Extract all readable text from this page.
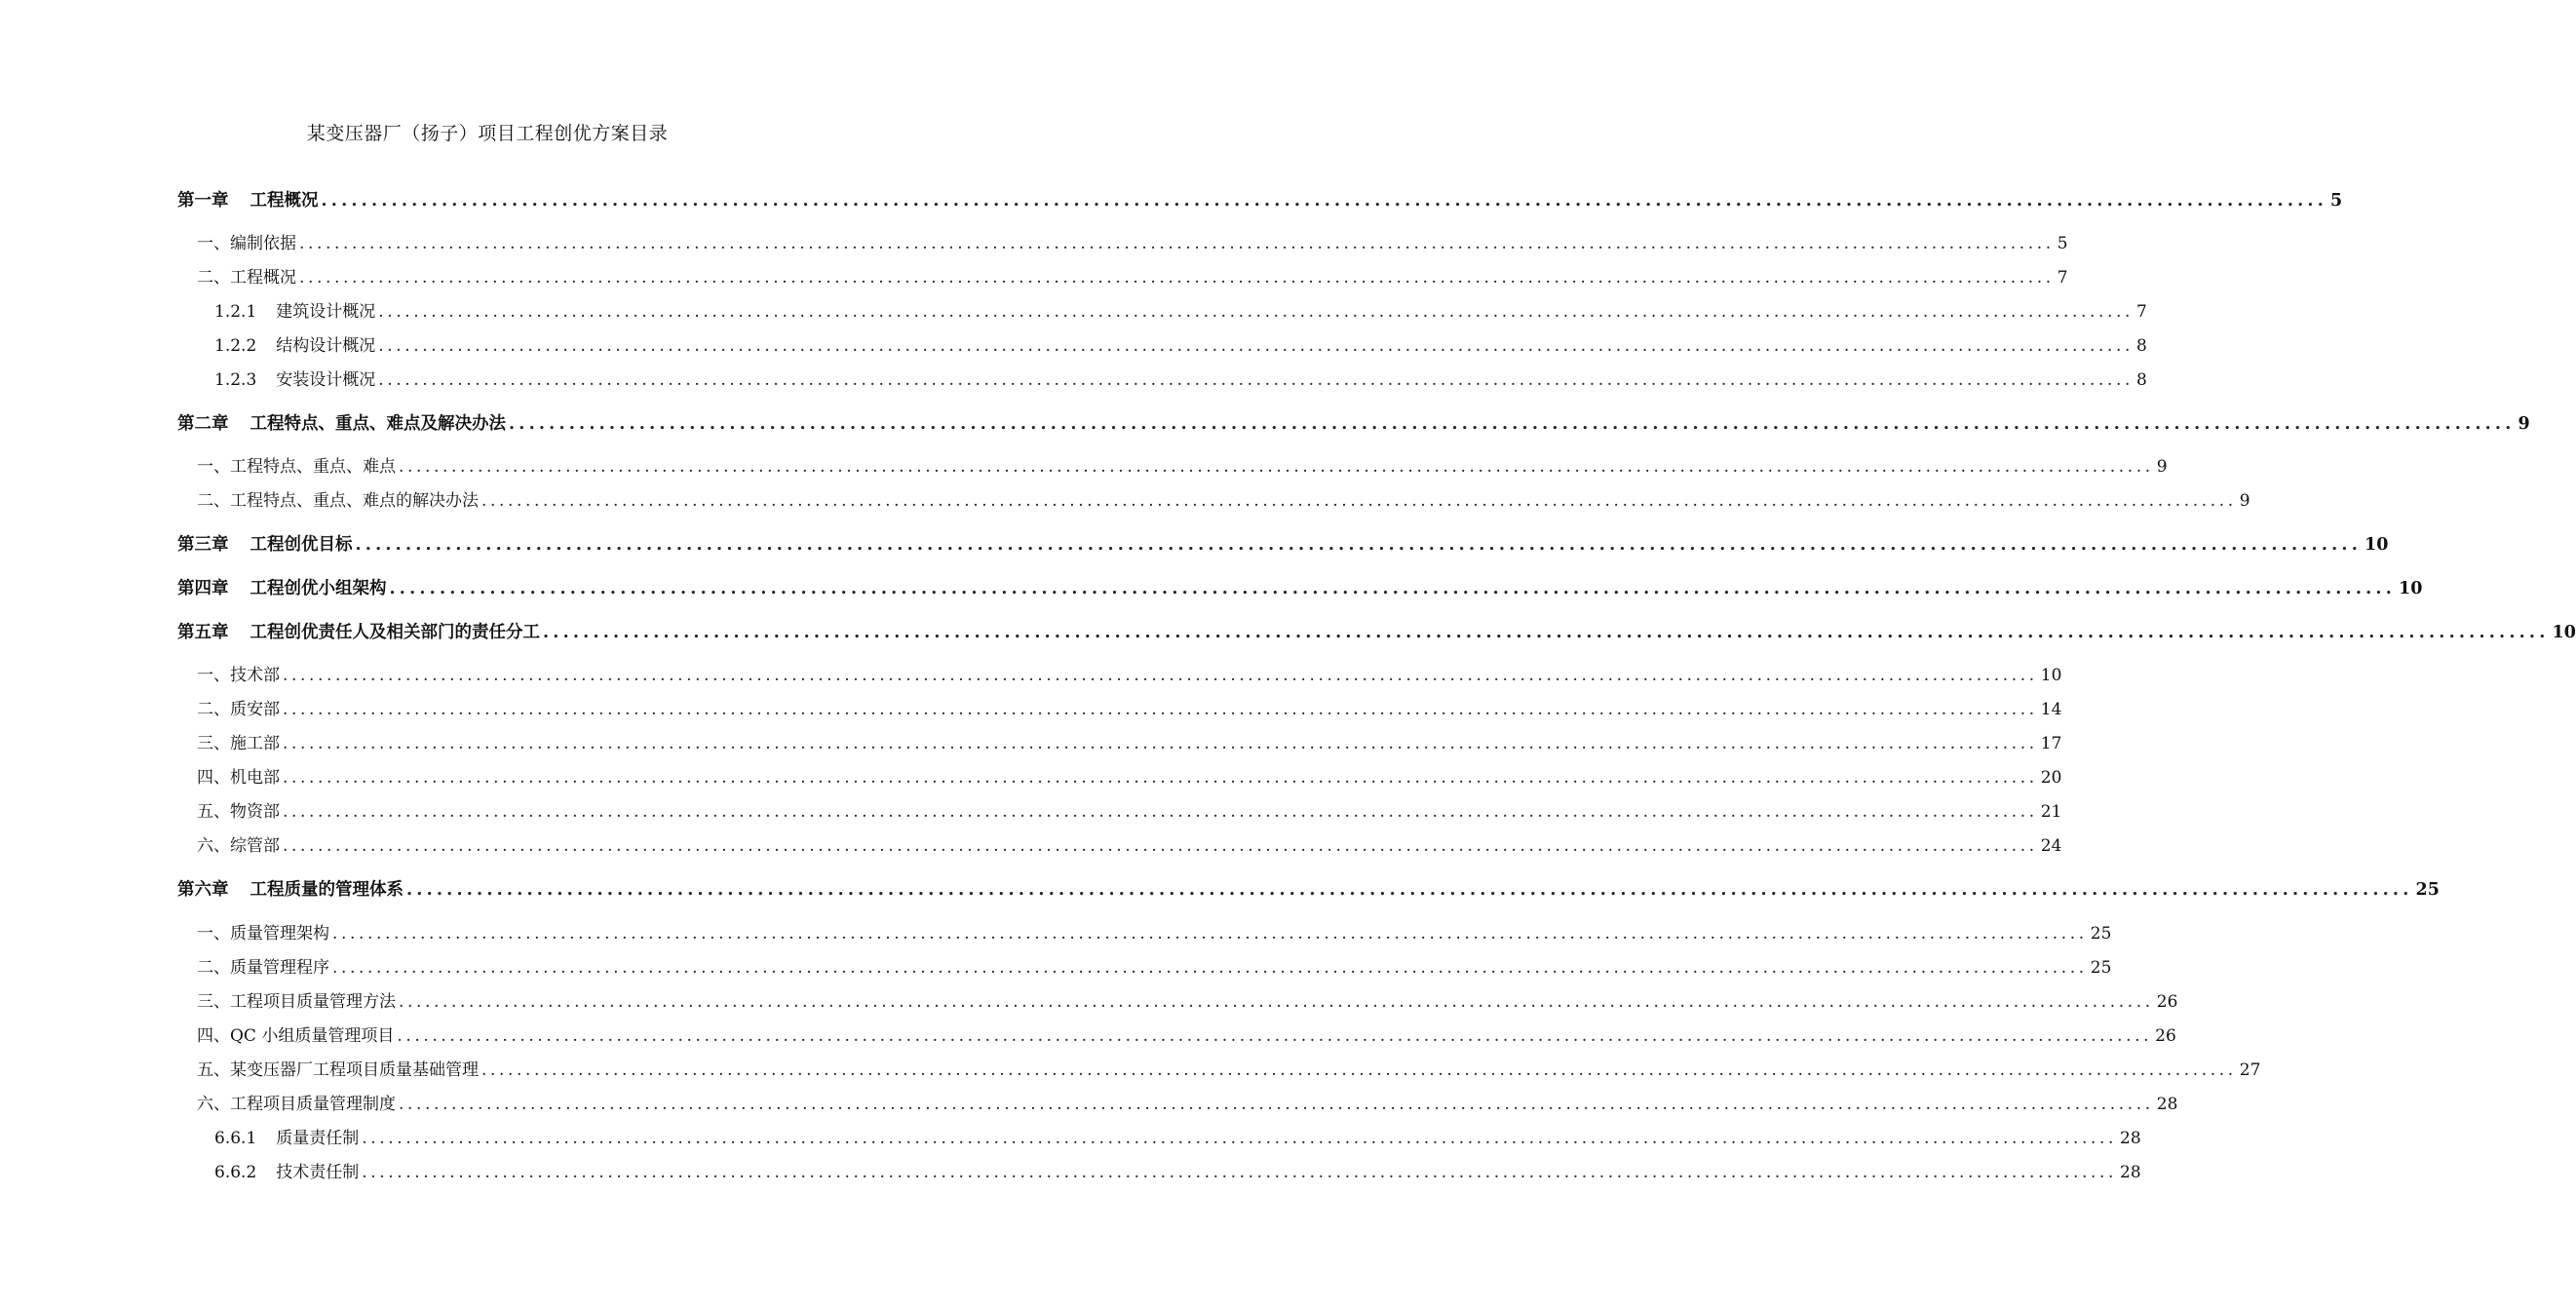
某变压器厂（扬子）项目工程创优方案目录
第一章 工程概况 ........................................................................................................................................................................................................ 5
一、编制依据 ........................................................................................................................................................................................................ 5
二、工程概况 ........................................................................................................................................................................................................ 7
1.2.1 建筑设计概况 ........................................................................................................................................................................................................ 7
1.2.2 结构设计概况 ........................................................................................................................................................................................................ 8
1.2.3 安装设计概况 ........................................................................................................................................................................................................ 8
第二章 工程特点、重点、难点及解决办法 ........................................................................................................................................................................................................ 9
一、工程特点、重点、难点 ........................................................................................................................................................................................................ 9
二、工程特点、重点、难点的解决办法 ........................................................................................................................................................................................................ 9
第三章 工程创优目标 ........................................................................................................................................................................................................ 10
第四章 工程创优小组架构 ........................................................................................................................................................................................................ 10
第五章 工程创优责任人及相关部门的责任分工 ........................................................................................................................................................................................................ 10
一、技术部 ........................................................................................................................................................................................................ 10
二、质安部 ........................................................................................................................................................................................................ 14
三、施工部 ........................................................................................................................................................................................................ 17
四、机电部 ........................................................................................................................................................................................................ 20
五、物资部 ........................................................................................................................................................................................................ 21
六、综管部 ........................................................................................................................................................................................................ 24
第六章 工程质量的管理体系 ........................................................................................................................................................................................................ 25
一、质量管理架构 ........................................................................................................................................................................................................ 25
二、质量管理程序 ........................................................................................................................................................................................................ 25
三、工程项目质量管理方法 ........................................................................................................................................................................................................ 26
四、QC 小组质量管理项目 ........................................................................................................................................................................................................ 26
五、某变压器厂工程项目质量基础管理 ........................................................................................................................................................................................................ 27
六、工程项目质量管理制度 ........................................................................................................................................................................................................ 28
6.6.1 质量责任制 ........................................................................................................................................................................................................ 28
6.6.2 技术责任制 ........................................................................................................................................................................................................ 28
